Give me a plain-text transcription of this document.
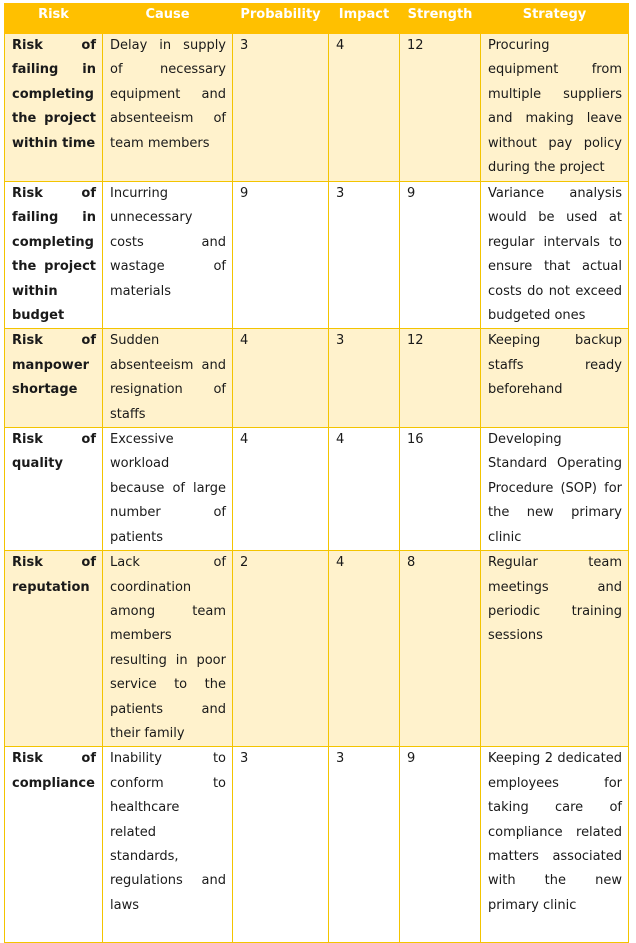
Risk	Cause	Probability	Impact	Strength	Strategy
Risk of failing in completing the project within time	Delay in supply of necessary equipment and absenteeism of team members	3	4	12	Procuring equipment from multiple suppliers and making leave without pay policy during the project
Risk of failing in completing the project within budget	Incurring unnecessary costs and wastage of materials	9	3	9	Variance analysis would be used at regular intervals to ensure that actual costs do not exceed budgeted ones
Risk of manpower shortage	Sudden absenteeism and resignation of staffs	4	3	12	Keeping backup staffs ready beforehand
Risk of quality	Excessive workload because of large number of patients	4	4	16	Developing Standard Operating Procedure (SOP) for the new primary clinic
Risk of reputation	Lack of coordination among team members resulting in poor service to the patients and their family	2	4	8	Regular team meetings and periodic training sessions
Risk of compliance	Inability to conform to healthcare related standards, regulations and laws	3	3	9	Keeping 2 dedicated employees for taking care of compliance related matters associated with the new primary clinic
